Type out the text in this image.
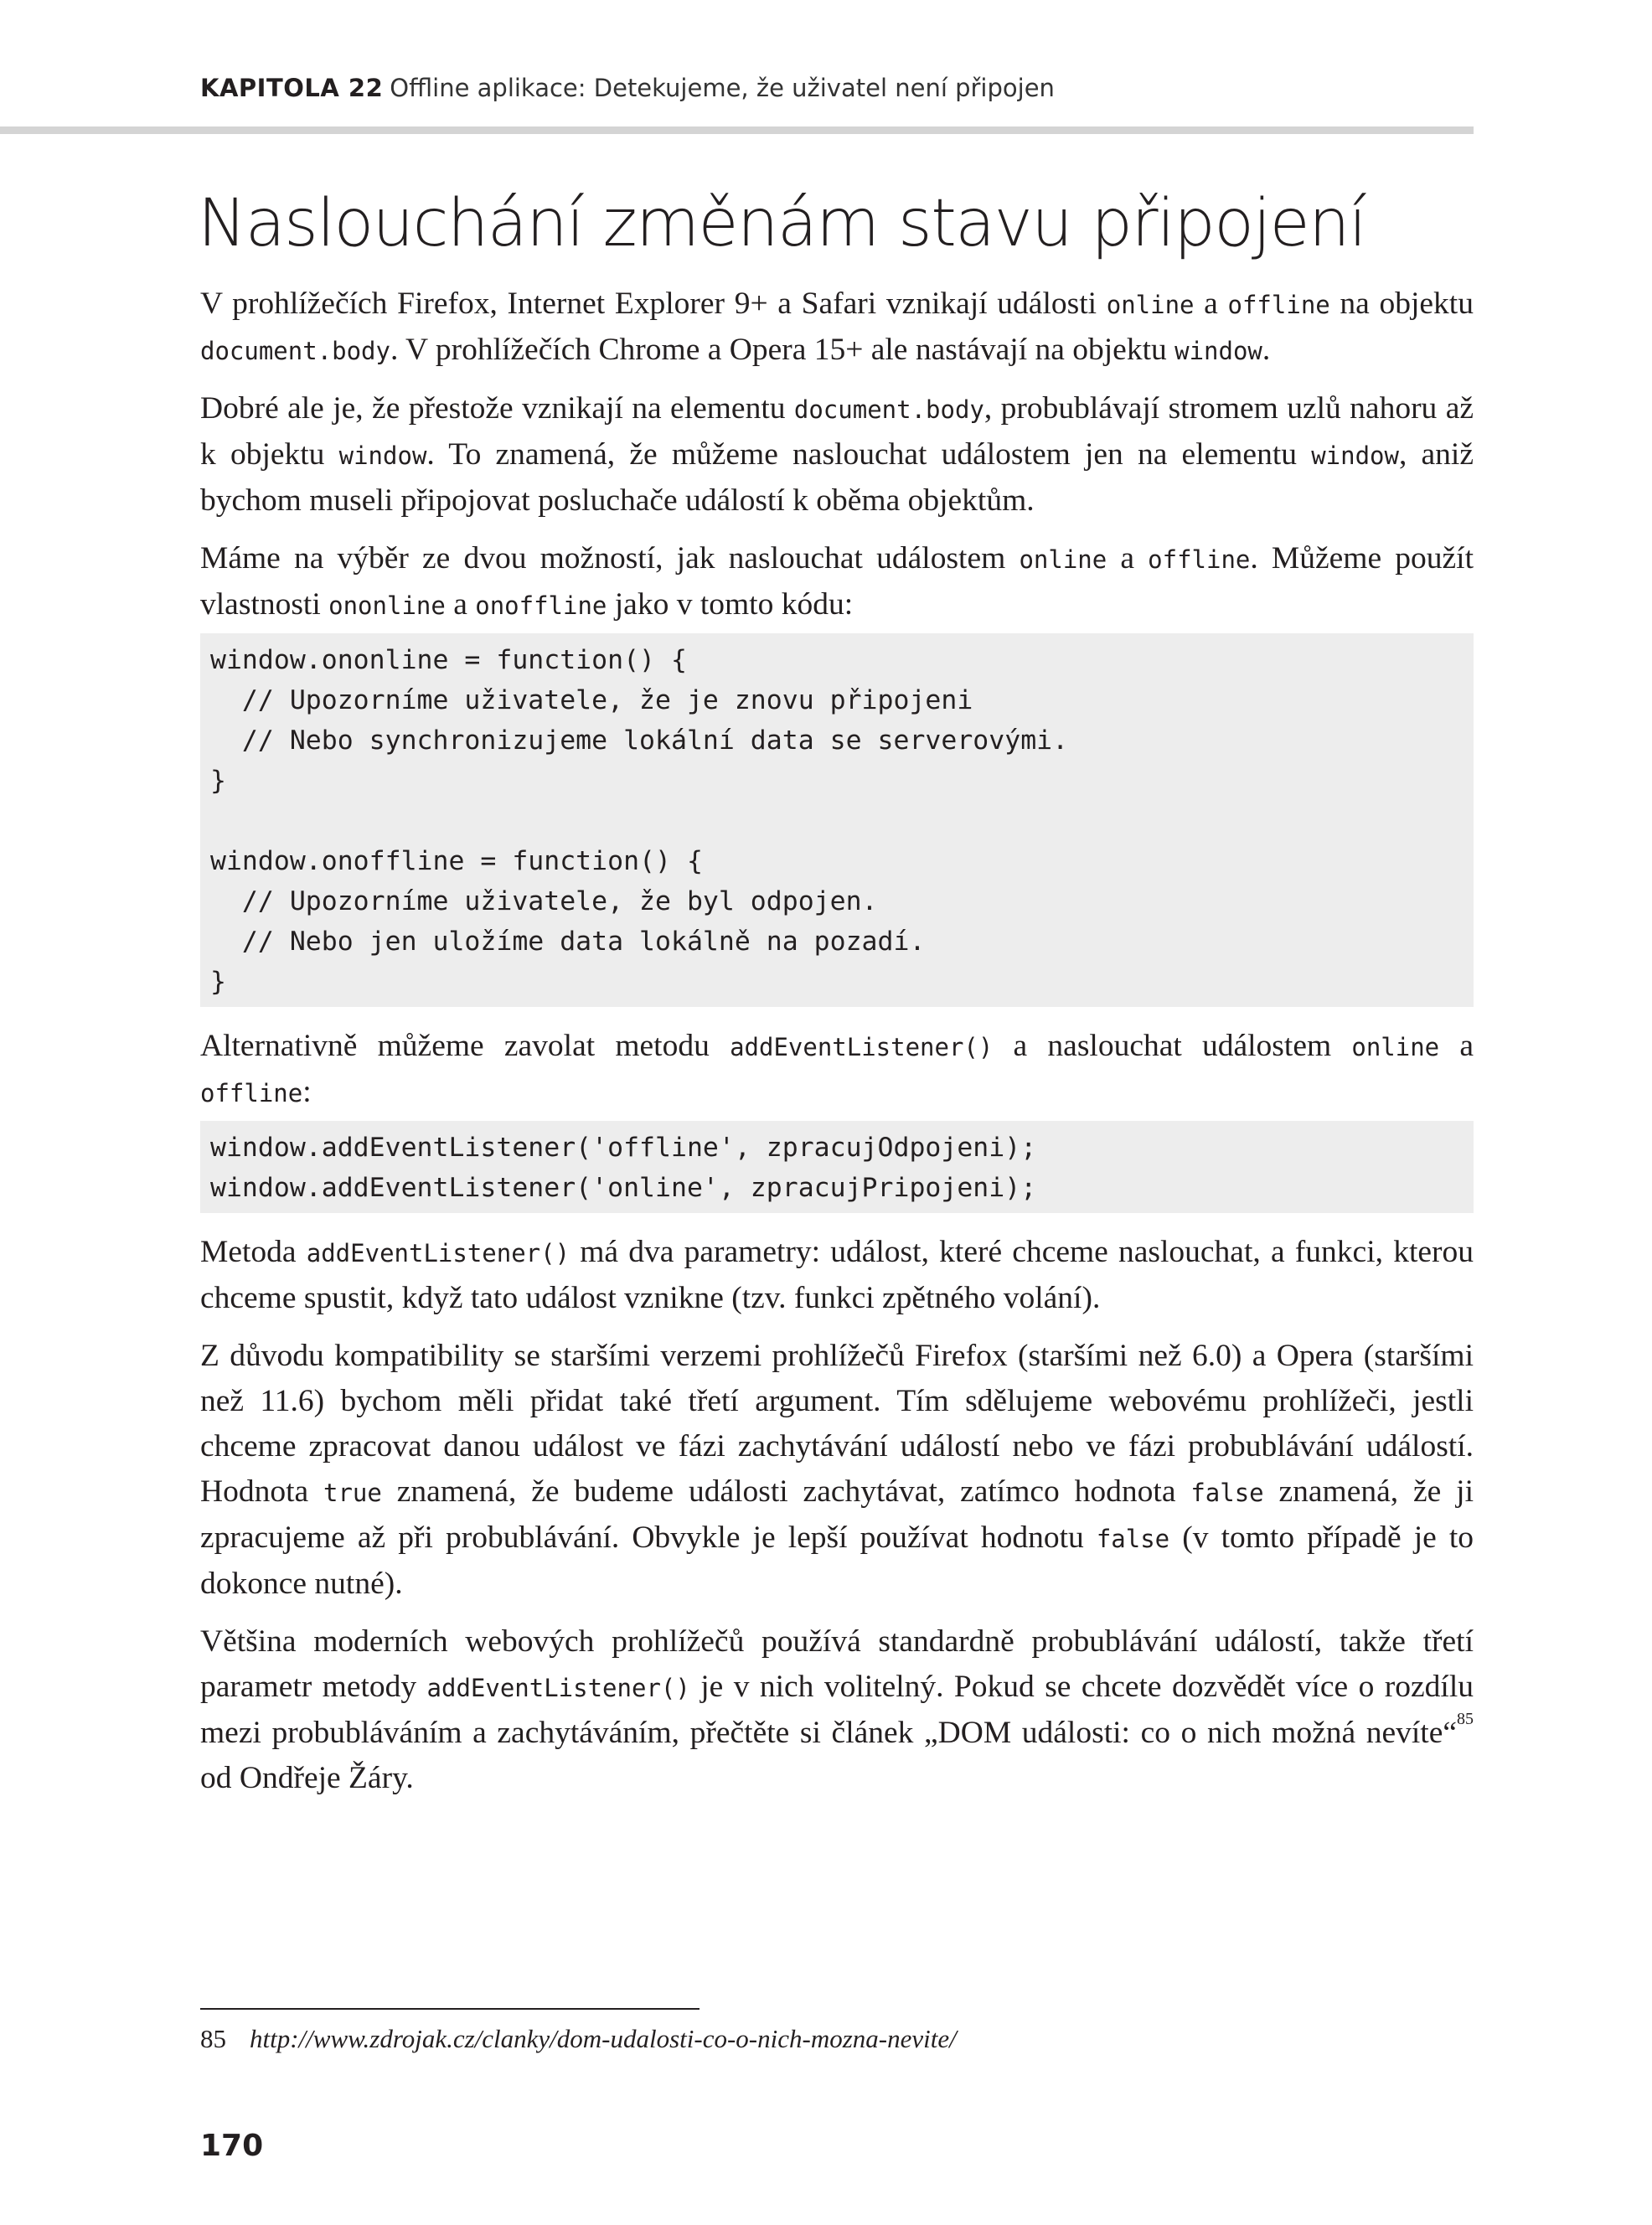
KAPITOLA 22 Offline aplikace: Detekujeme, že uživatel není připojen
Naslouchání změnám stavu připojení

V prohlížečích Firefox, Internet Explorer 9+ a Safari vznikají události online a offline na objektu document.body. V prohlížečích Chrome a Opera 15+ ale nastávají na objektu window.

Dobré ale je, že přestože vznikají na elementu document.body, probublávají stromem uzlů nahoru až k objektu window. To znamená, že můžeme naslouchat událostem jen na elementu window, aniž bychom museli připojovat posluchače událostí k oběma objektům.

Máme na výběr ze dvou možností, jak naslouchat událostem online a offline. Můžeme použít vlastnosti ononline a onoffline jako v tomto kódu:

window.ononline = function() {
// Upozorníme uživatele, že je znovu připojeni
// Nebo synchronizujeme lokální data se serverovými.
}

window.onoffline = function() {
// Upozorníme uživatele, že byl odpojen.
// Nebo jen uložíme data lokálně na pozadí.
}

Alternativně můžeme zavolat metodu addEventListener() a naslouchat událostem online a offline:

window.addEventListener('offline', zpracujOdpojeni);
window.addEventListener('online', zpracujPripojeni);

Metoda addEventListener() má dva parametry: událost, které chceme naslouchat, a funkci, kterou chceme spustit, když tato událost vznikne (tzv. funkci zpětného volání).

Z důvodu kompatibility se staršími verzemi prohlížečů Firefox (staršími než 6.0) a Opera (staršími než 11.6) bychom měli přidat také třetí argument. Tím sdělujeme webovému prohlížeči, jestli chceme zpracovat danou událost ve fázi zachytávání událostí nebo ve fázi probublávání událostí. Hodnota true znamená, že budeme události zachytávat, zatímco hodnota false znamená, že ji zpracujeme až při probublávání. Obvykle je lepší používat hodnotu false (v tomto případě je to dokonce nutné).

Většina moderních webových prohlížečů používá standardně probublávání událostí, takže třetí parametr metody addEventListener() je v nich volitelný. Pokud se chcete dozvědět více o rozdílu mezi probubláváním a zachytáváním, přečtěte si článek „DOM události: co o nich možná nevíte“$^{85}$ od Ondřeje Žáry.

85 http://www.zdrojak.cz/clanky/dom-udalosti-co-o-nich-mozna-nevite/
170
